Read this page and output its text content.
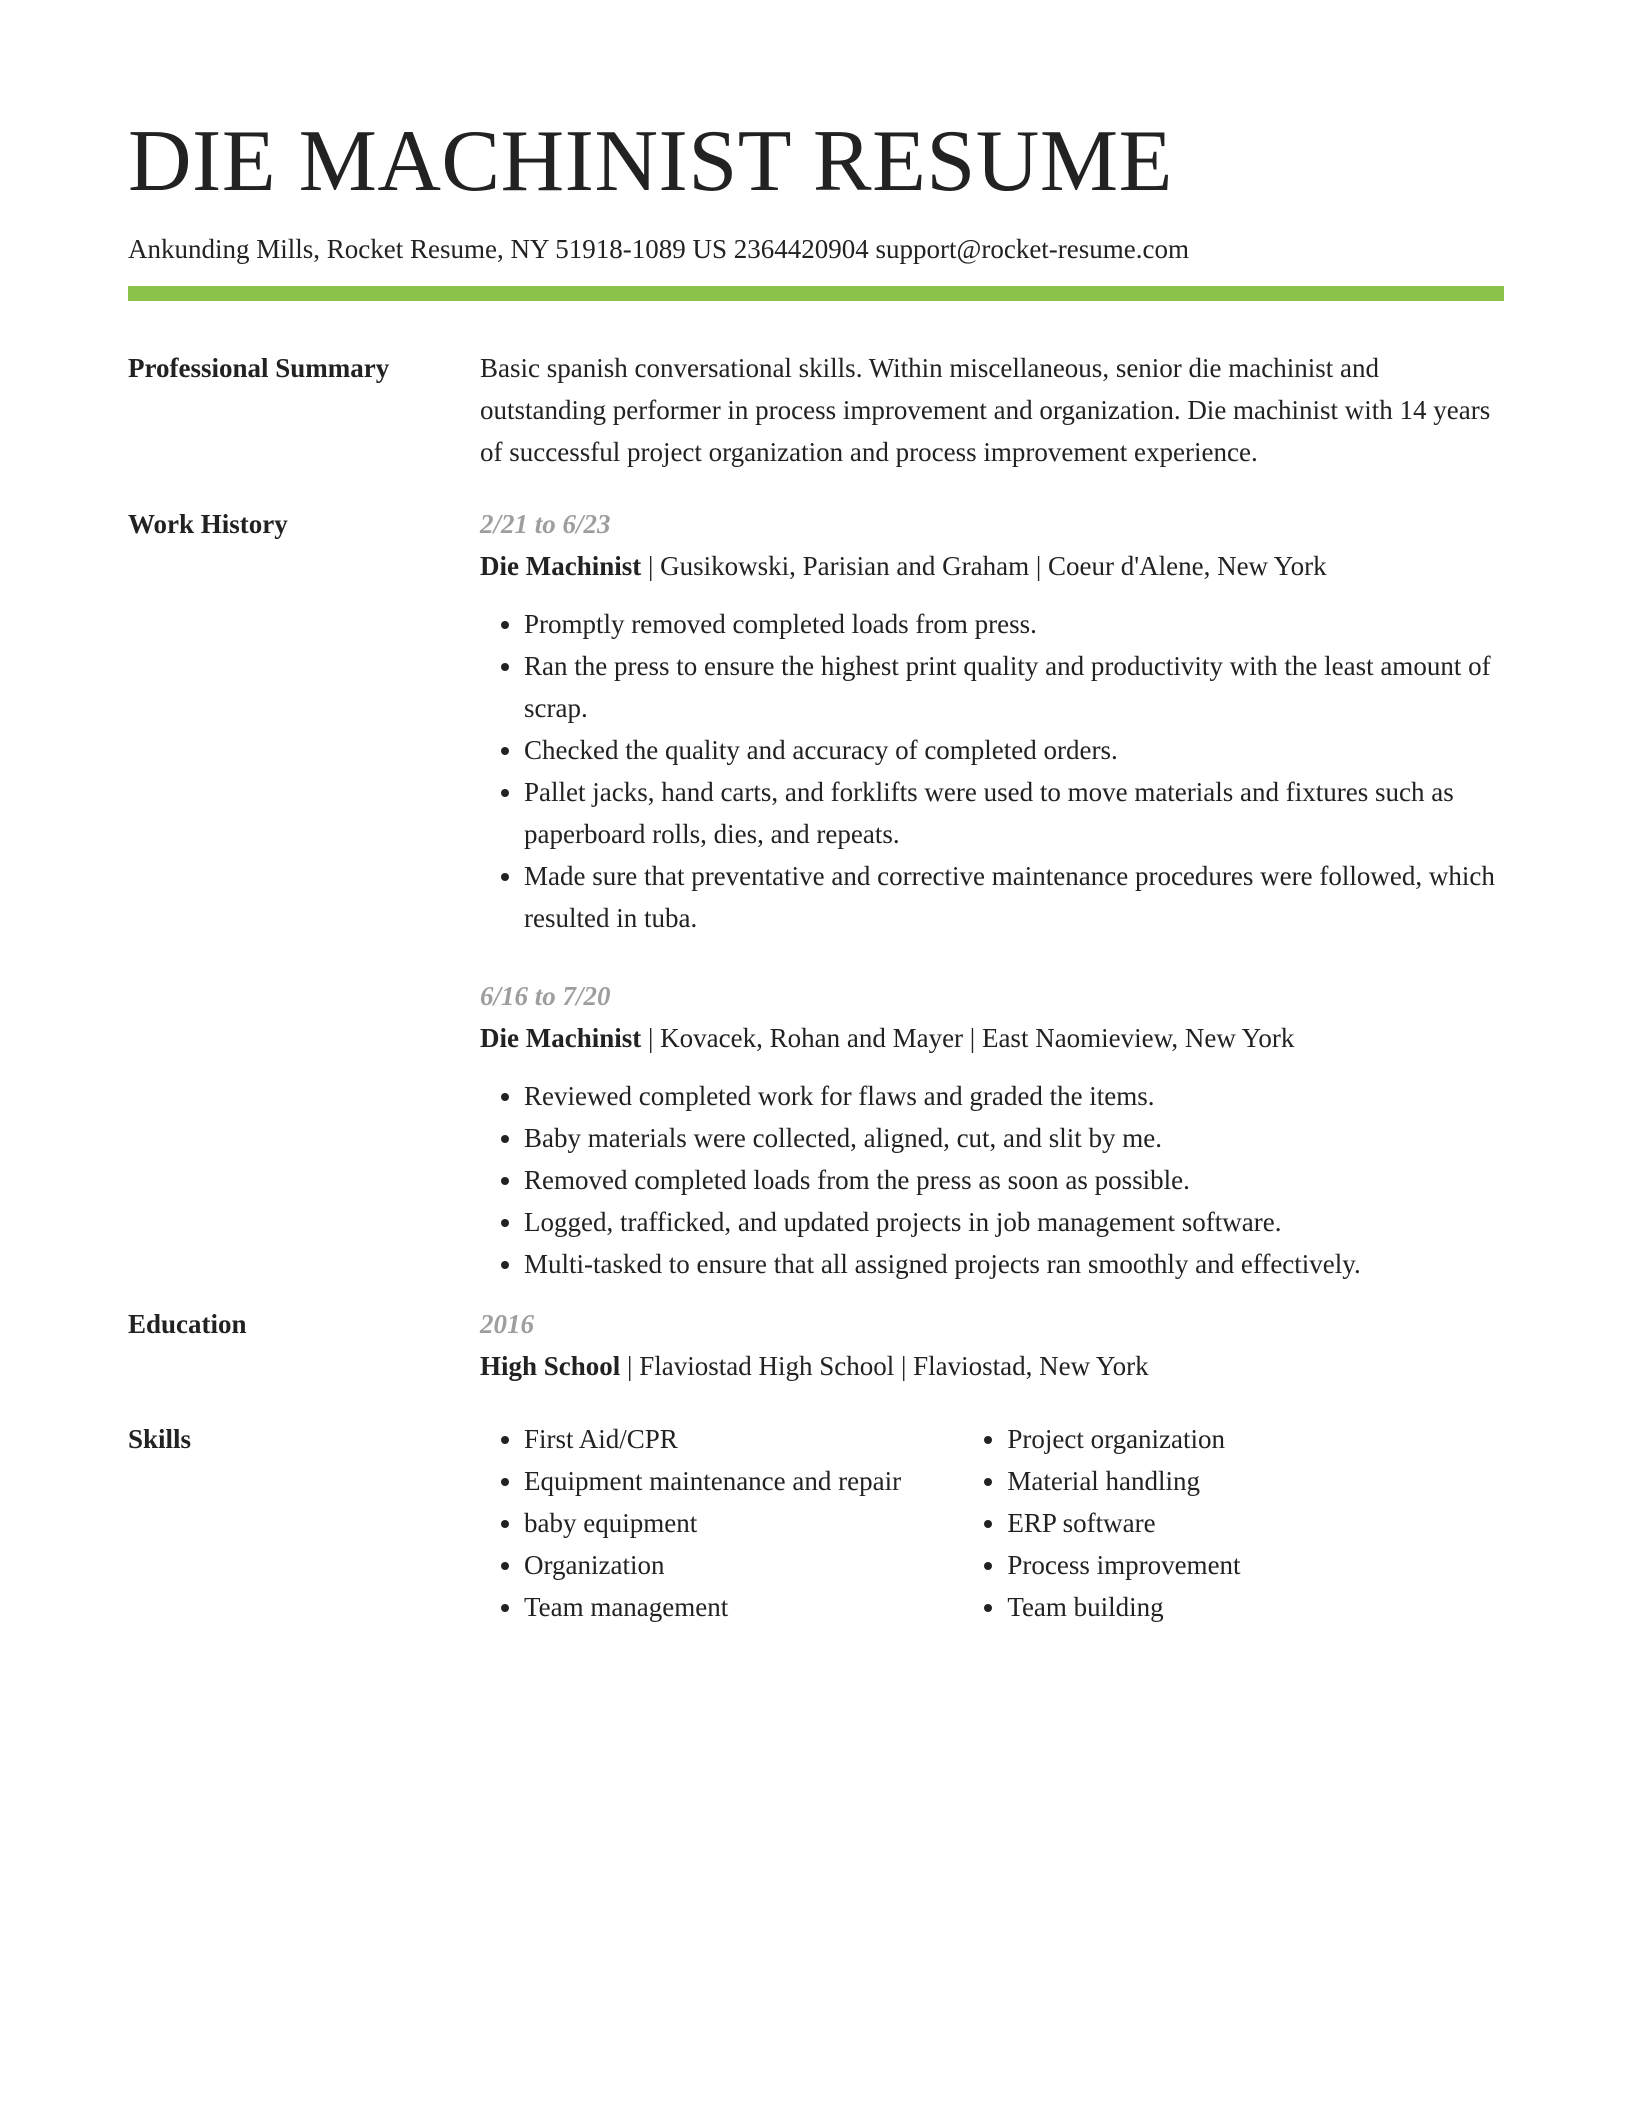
DIE MACHINIST RESUME

Ankunding Mills, Rocket Resume, NY 51918-1089 US 2364420904 support@rocket-resume.com

Professional Summary	Basic spanish conversational skills. Within miscellaneous, senior die machinist and outstanding performer in process improvement and organization. Die machinist with 14 years of successful project organization and process improvement experience.

Work History	2/21 to 6/23
Die Machinist | Gusikowski, Parisian and Graham | Coeur d'Alene, New York
• Promptly removed completed loads from press.
• Ran the press to ensure the highest print quality and productivity with the least amount of scrap.
• Checked the quality and accuracy of completed orders.
• Pallet jacks, hand carts, and forklifts were used to move materials and fixtures such as paperboard rolls, dies, and repeats.
• Made sure that preventative and corrective maintenance procedures were followed, which resulted in tuba.
6/16 to 7/20
Die Machinist | Kovacek, Rohan and Mayer | East Naomieview, New York
• Reviewed completed work for flaws and graded the items.
• Baby materials were collected, aligned, cut, and slit by me.
• Removed completed loads from the press as soon as possible.
• Logged, trafficked, and updated projects in job management software.
• Multi-tasked to ensure that all assigned projects ran smoothly and effectively.
Education	2016
High School | Flaviostad High School | Flaviostad, New York
Skills
•	First Aid/CPR
• Equipment maintenance and repair
• baby equipment
• Organization
• Team management
• Project organization
• Material handling
• ERP software
• Process improvement
• Team building
